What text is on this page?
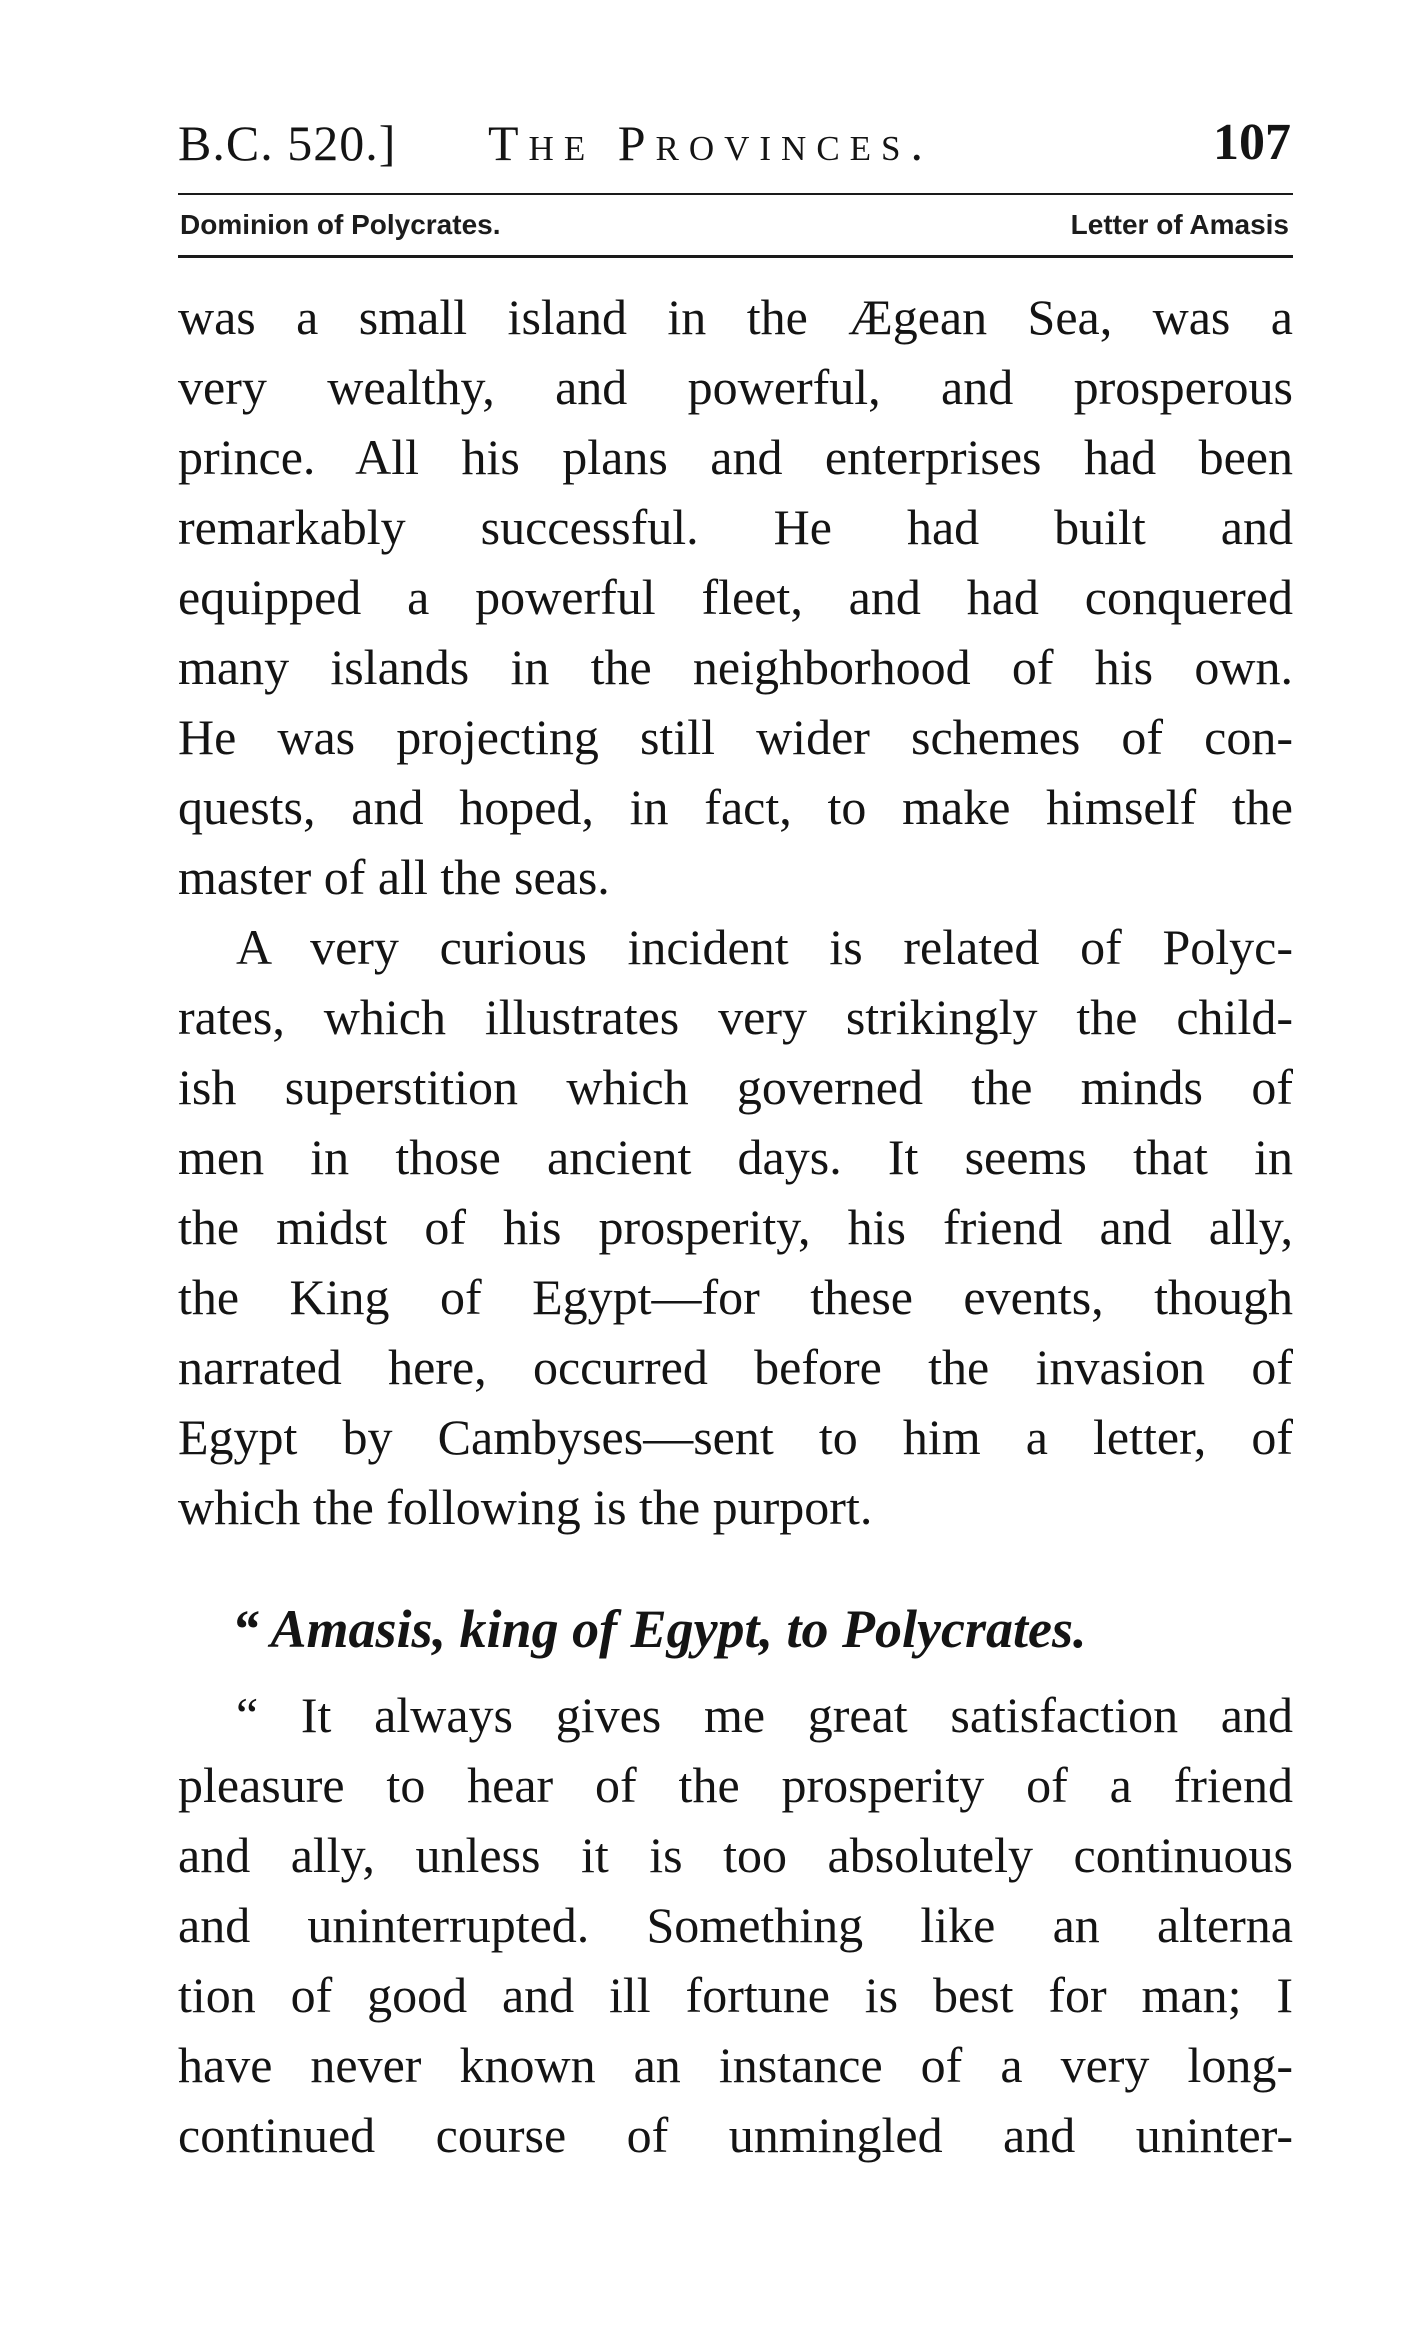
B.C. 520.] The Provinces.	107
Dominion of Polycrates.	Letter of Amasis
was a small island in the Ægean Sea, was a
very wealthy, and powerful, and prosperous
prince. All his plans and enterprises had been
remarkably successful. He had built and
equipped a powerful fleet, and had conquered
many islands in the neighborhood of his own.
He was projecting still wider schemes of con-
quests, and hoped, in fact, to make himself the
master of all the seas.
A very curious incident is related of Polyc-
rates, which illustrates very strikingly the child-
ish superstition which governed the minds of
men in those ancient days. It seems that in
the midst of his prosperity, his friend and ally,
the King of Egypt—for these events, though
narrated here, occurred before the invasion of
Egypt by Cambyses—sent to him a letter, of
which the following is the purport.
“ Amasis, king of Egypt, to Polycrates.
“ It always gives me great satisfaction and
pleasure to hear of the prosperity of a friend
and ally, unless it is too absolutely continuous
and uninterrupted. Something like an alterna
tion of good and ill fortune is best for man; I
have never known an instance of a very long-
continued course of unmingled and uninter-
